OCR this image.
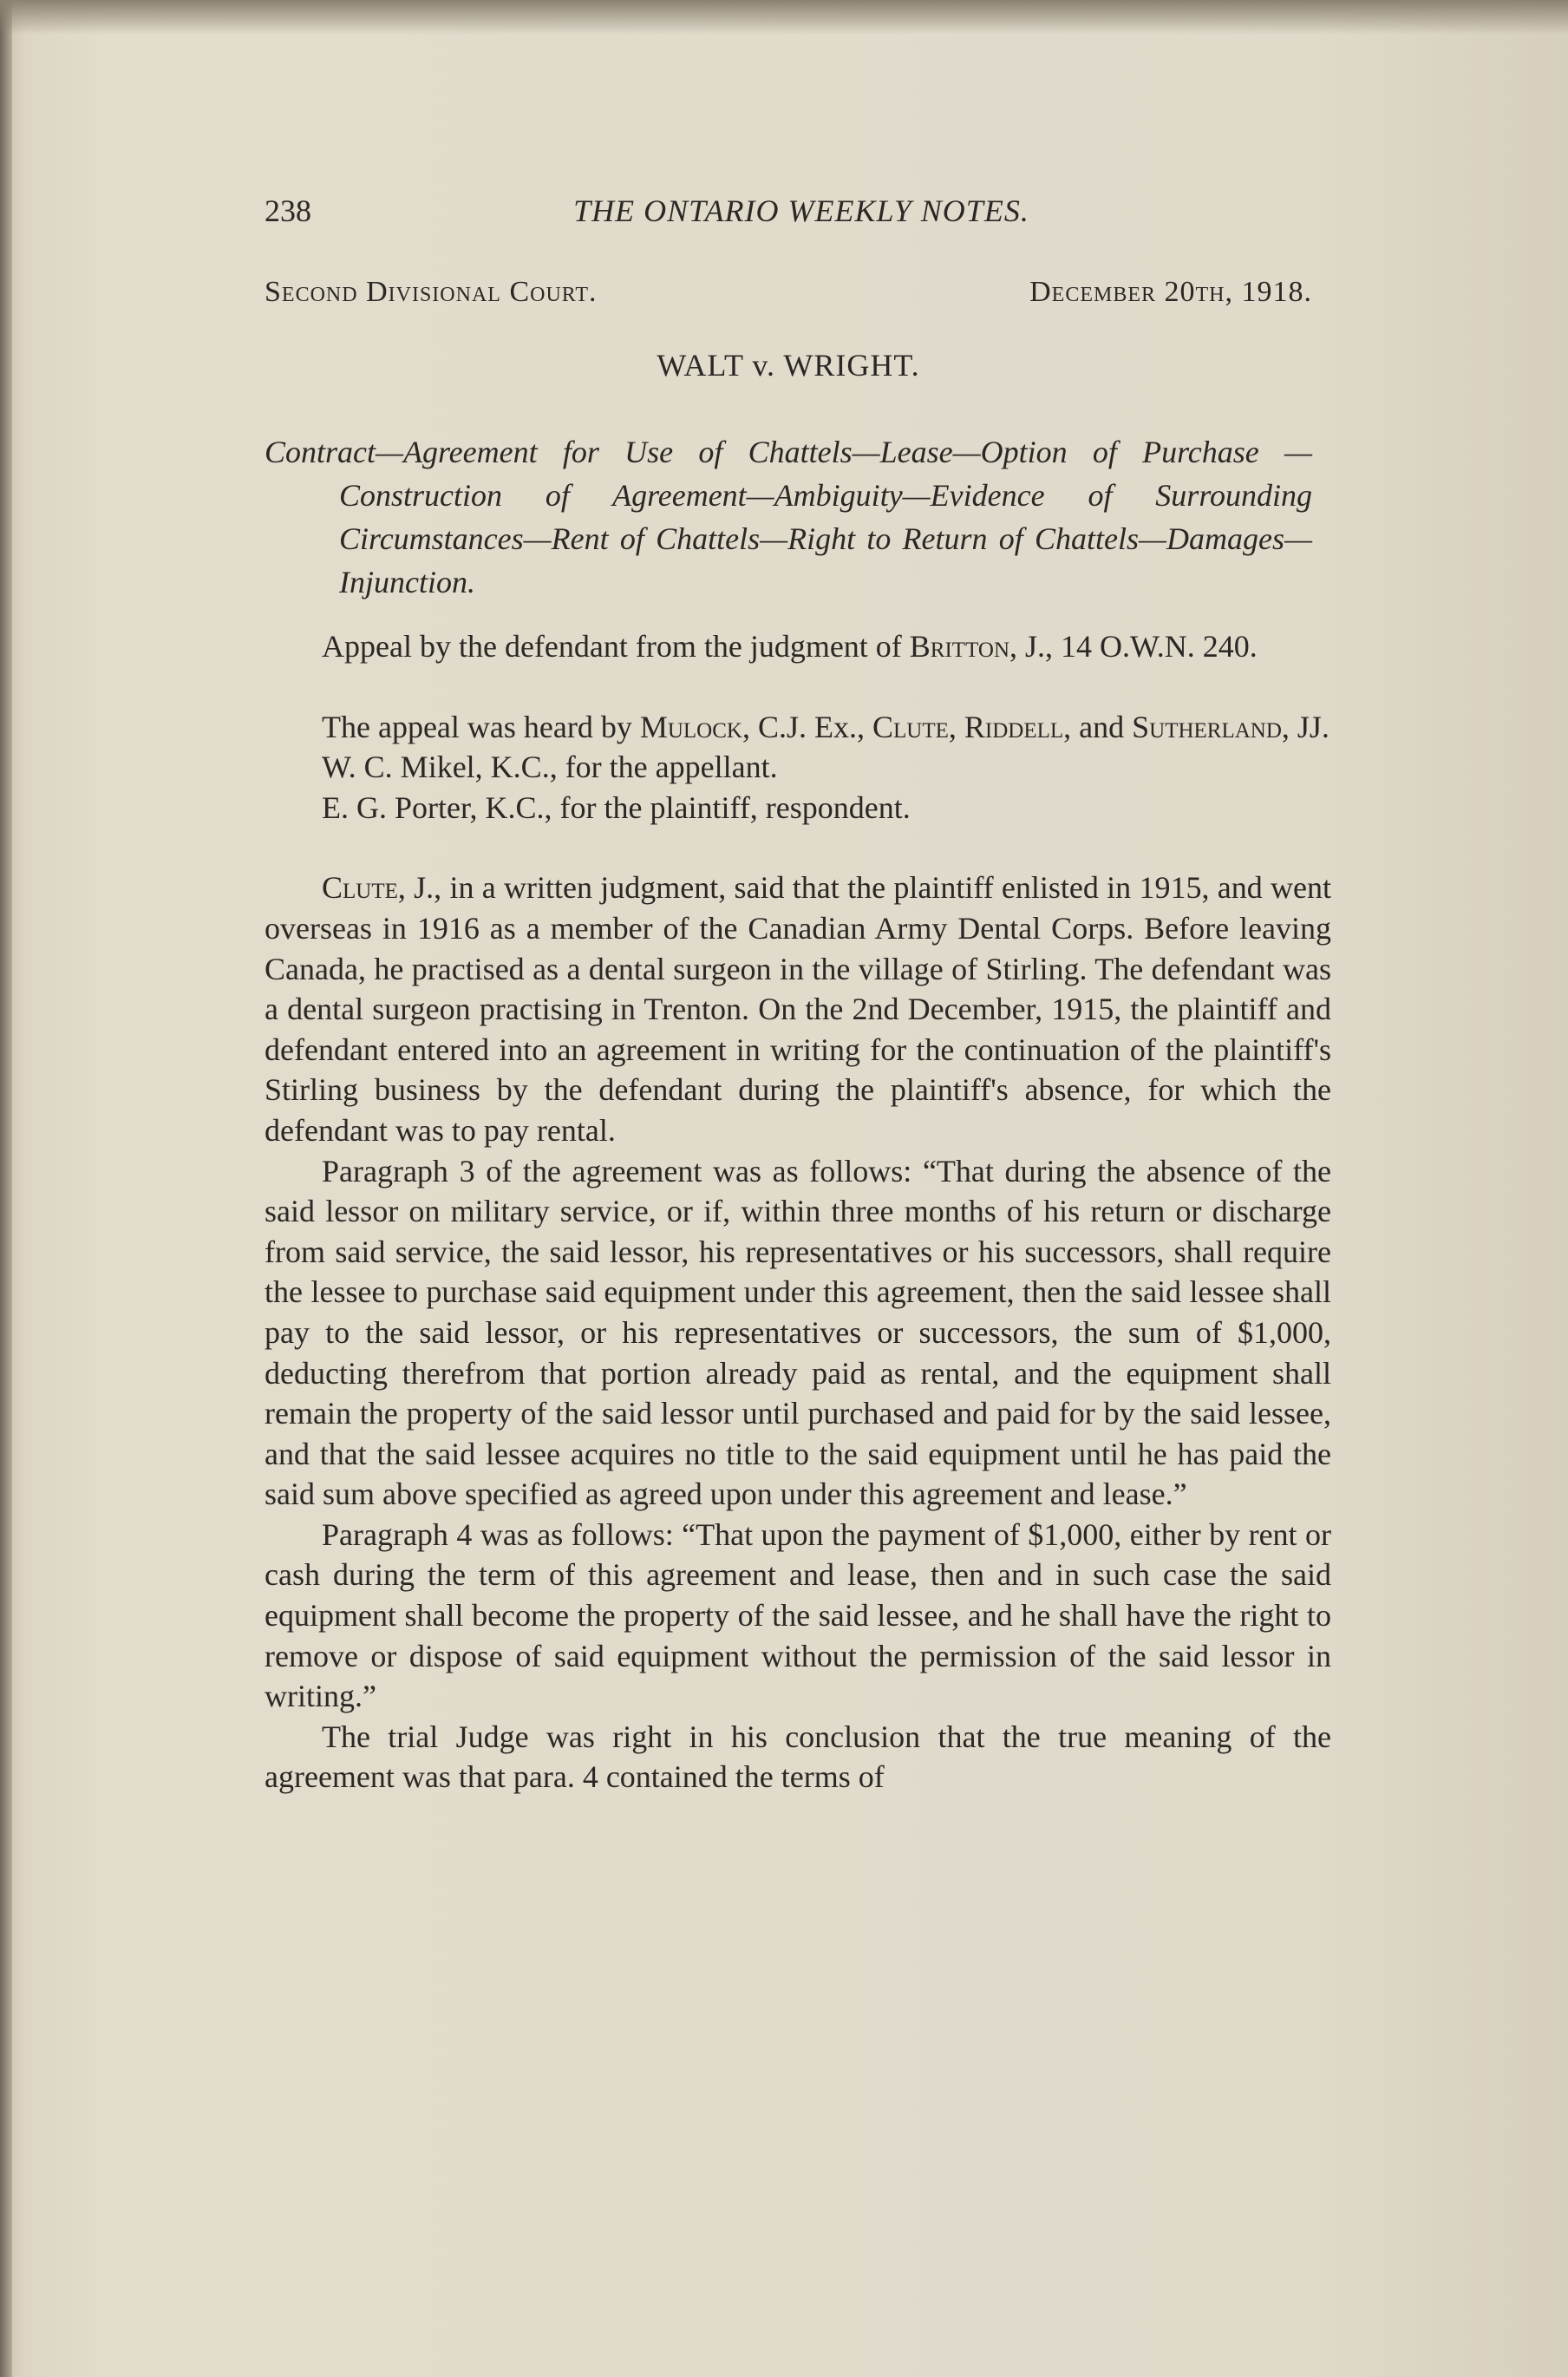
238	THE ONTARIO WEEKLY NOTES.
Second Divisional Court.	December 20th, 1918.
WALT v. WRIGHT.

Contract—Agreement for Use of Chattels—Lease—Option of Purchase —Construction of Agreement—Ambiguity—Evidence of Surrounding Circumstances—Rent of Chattels—Right to Return of Chattels—Damages—Injunction.

Appeal by the defendant from the judgment of Britton, J., 14 O.W.N. 240.

The appeal was heard by Mulock, C.J. Ex., Clute, Riddell, and Sutherland, JJ.

W. C. Mikel, K.C., for the appellant.

E. G. Porter, K.C., for the plaintiff, respondent.

Clute, J., in a written judgment, said that the plaintiff enlisted in 1915, and went overseas in 1916 as a member of the Canadian Army Dental Corps. Before leaving Canada, he practised as a dental surgeon in the village of Stirling. The defendant was a dental surgeon practising in Trenton. On the 2nd December, 1915, the plaintiff and defendant entered into an agreement in writing for the continuation of the plaintiff's Stirling business by the defendant during the plaintiff's absence, for which the defendant was to pay rental.

Paragraph 3 of the agreement was as follows: “That during the absence of the said lessor on military service, or if, within three months of his return or discharge from said service, the said lessor, his representatives or his successors, shall require the lessee to purchase said equipment under this agreement, then the said lessee shall pay to the said lessor, or his representatives or successors, the sum of $1,000, deducting therefrom that portion already paid as rental, and the equipment shall remain the property of the said lessor until purchased and paid for by the said lessee, and that the said lessee acquires no title to the said equipment until he has paid the said sum above specified as agreed upon under this agreement and lease.”

Paragraph 4 was as follows: “That upon the payment of $1,000, either by rent or cash during the term of this agreement and lease, then and in such case the said equipment shall become the property of the said lessee, and he shall have the right to remove or dispose of said equipment without the permission of the said lessor in writing.”

The trial Judge was right in his conclusion that the true meaning of the agreement was that para. 4 contained the terms of
